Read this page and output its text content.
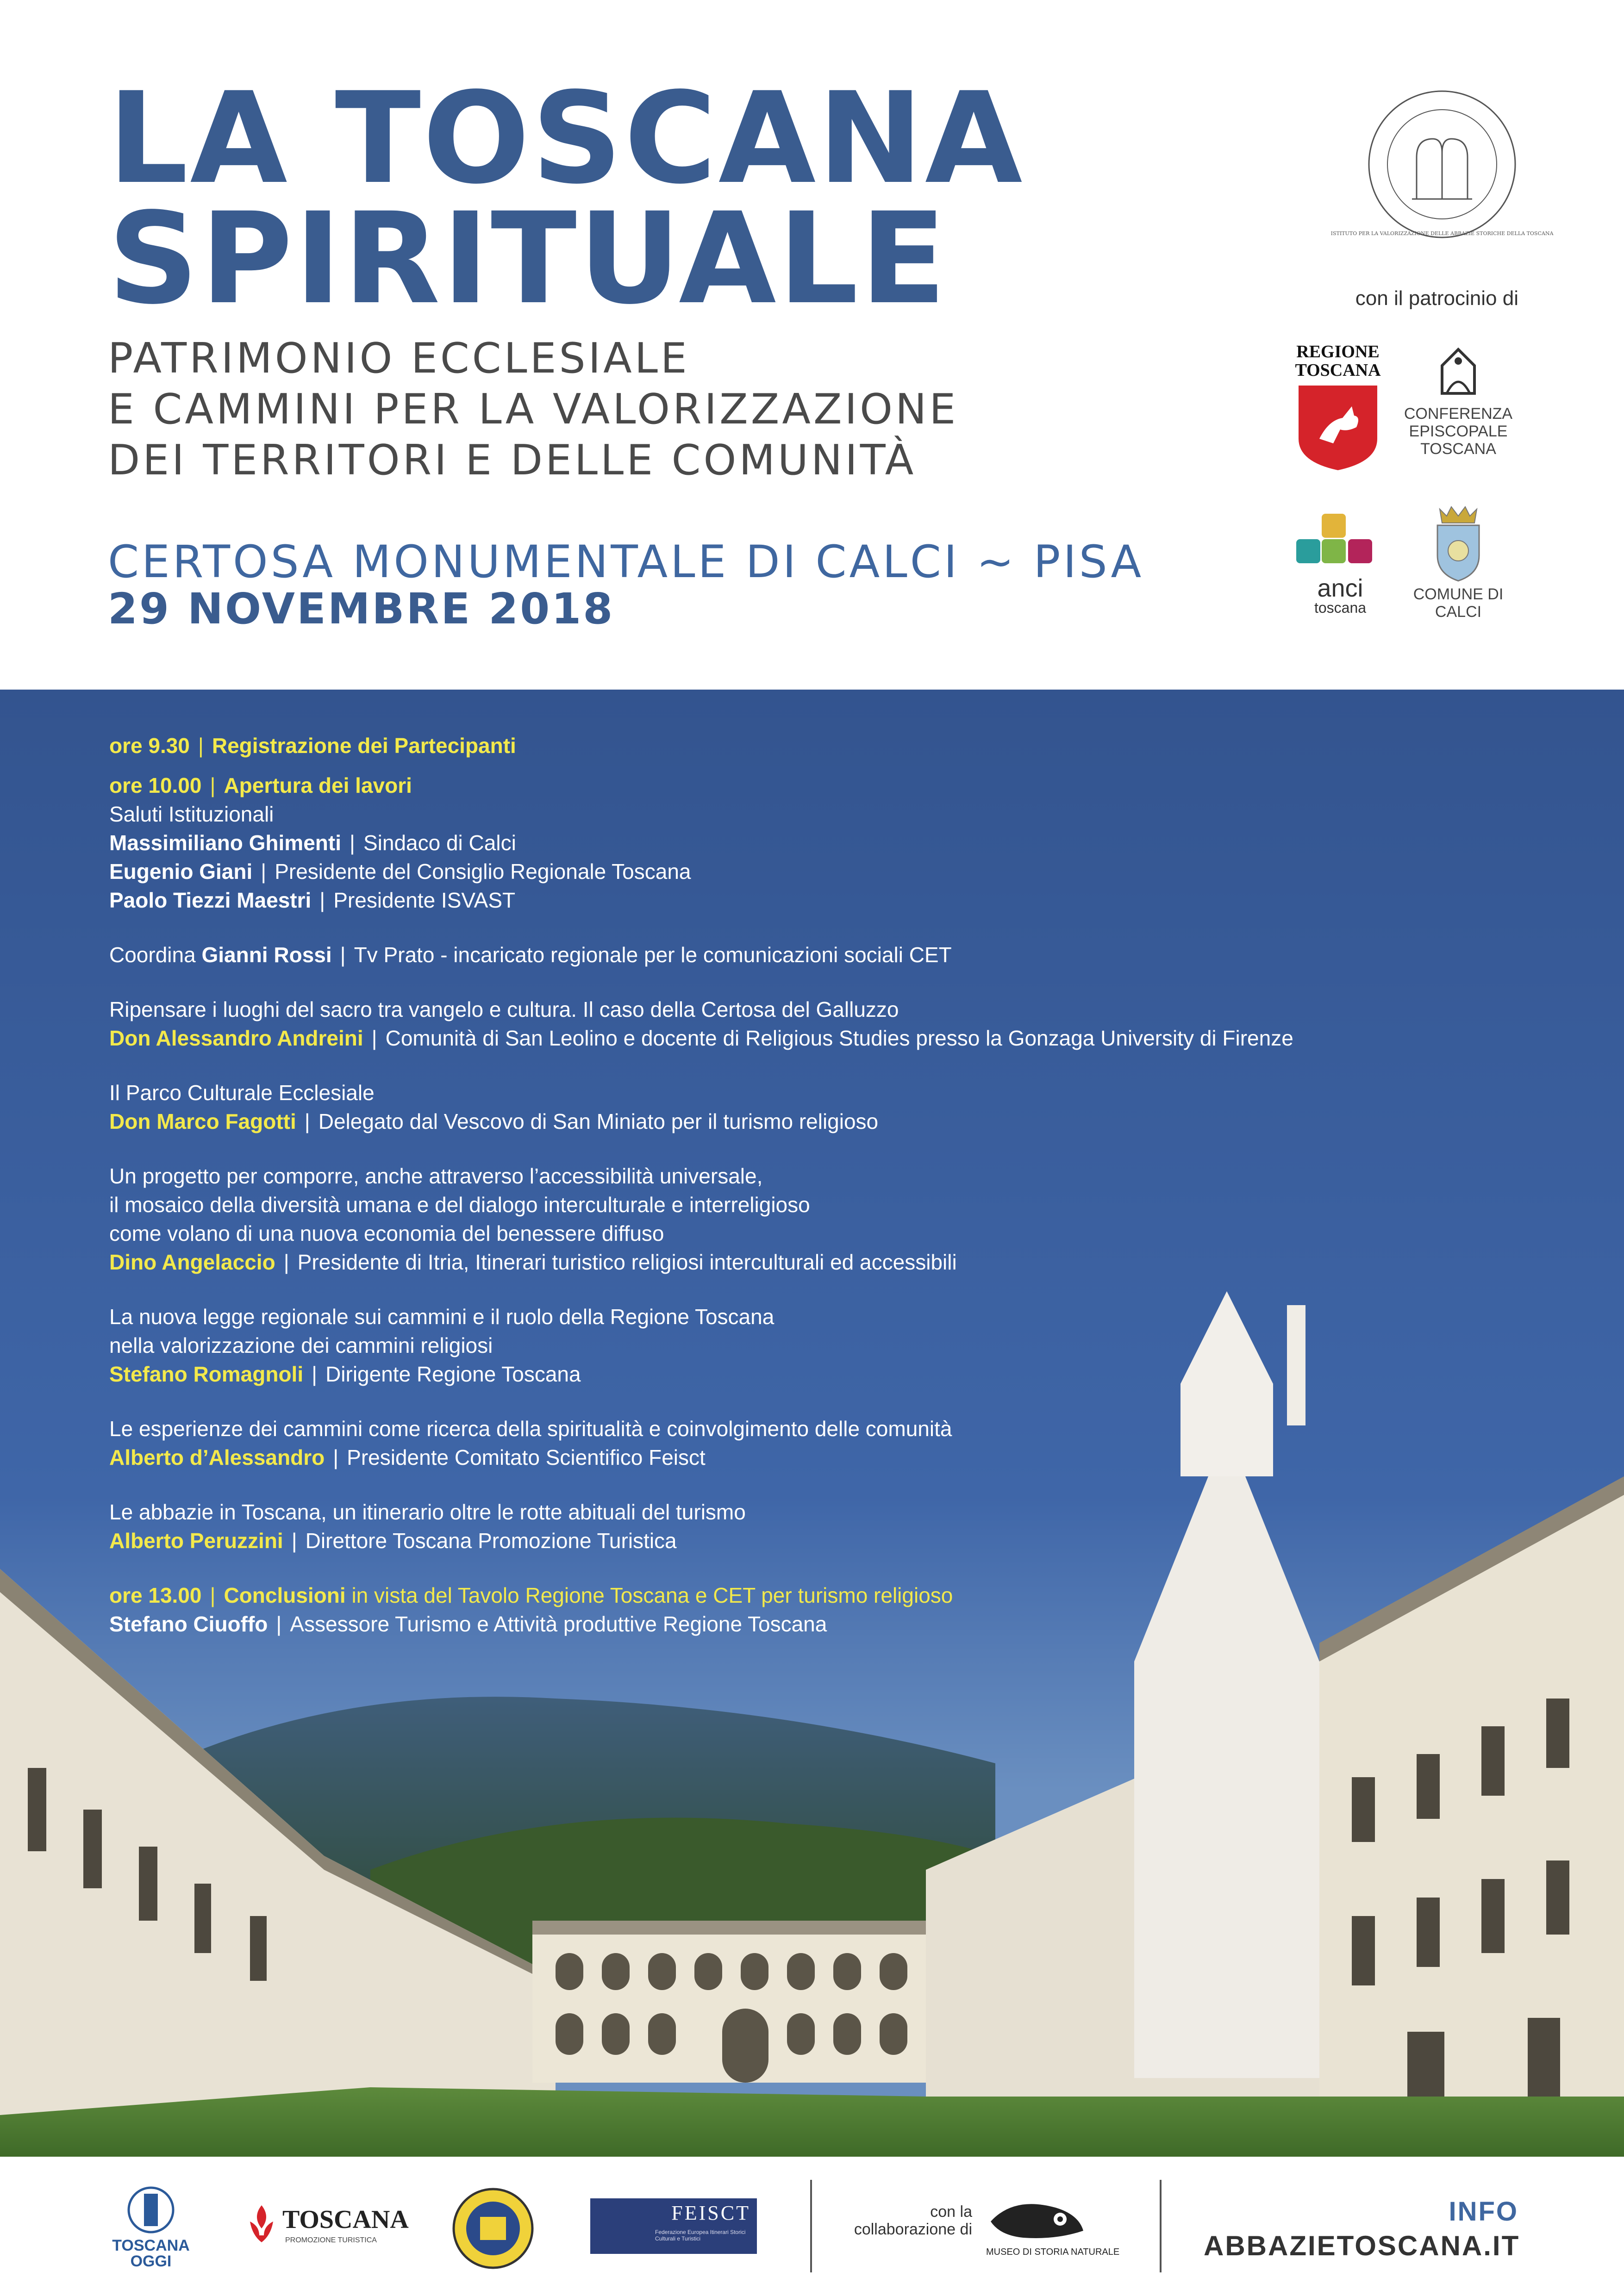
LA TOSCANA
SPIRITUALE
PATRIMONIO ECCLESIALE
E CAMMINI PER LA VALORIZZAZIONE
DEI TERRITORI E DELLE COMUNITÀ
CERTOSA MONUMENTALE DI CALCI ~ PISA
29 NOVEMBRE 2018
ISTITUTO PER LA VALORIZZAZIONE DELLE ABBAZIE STORICHE DELLA TOSCANA
con il patrocinio di
REGIONE
TOSCANA
CONFERENZA
EPISCOPALE
TOSCANA
anci
toscana
COMUNE DI
CALCI
ore 9.30 | Registrazione dei Partecipanti
ore 10.00 | Apertura dei lavori
Saluti Istituzionali
Massimiliano Ghimenti | Sindaco di Calci
Eugenio Giani | Presidente del Consiglio Regionale Toscana
Paolo Tiezzi Maestri | Presidente ISVAST
Coordina Gianni Rossi | Tv Prato - incaricato regionale per le comunicazioni sociali CET
Ripensare i luoghi del sacro tra vangelo e cultura. Il caso della Certosa del Galluzzo
Don Alessandro Andreini | Comunità di San Leolino e docente di Religious Studies presso la Gonzaga University di Firenze
Il Parco Culturale Ecclesiale
Don Marco Fagotti | Delegato dal Vescovo di San Miniato per il turismo religioso
Un progetto per comporre, anche attraverso l’accessibilità universale,
il mosaico della diversità umana e del dialogo interculturale e interreligioso
come volano di una nuova economia del benessere diffuso
Dino Angelaccio | Presidente di Itria, Itinerari turistico religiosi interculturali ed accessibili
La nuova legge regionale sui cammini e il ruolo della Regione Toscana
nella valorizzazione dei cammini religiosi
Stefano Romagnoli | Dirigente Regione Toscana
Le esperienze dei cammini come ricerca della spiritualità e coinvolgimento delle comunità
Alberto d’Alessandro | Presidente Comitato Scientifico Feisct
Le abbazie in Toscana, un itinerario oltre le rotte abituali del turismo
Alberto Peruzzini | Direttore Toscana Promozione Turistica
ore 13.00 | Conclusioni in vista del Tavolo Regione Toscana e CET per turismo religioso
Stefano Ciuoffo | Assessore Turismo e Attività produttive Regione Toscana
TOSCANA
OGGI
TOSCANA
PROMOZIONE TURISTICA
FEISCT
Federazione Europea Itinerari Storici Culturali e Turistici
con la
collaborazione di
MUSEO DI STORIA NATURALE
INFO
ABBAZIETOSCANA.IT
